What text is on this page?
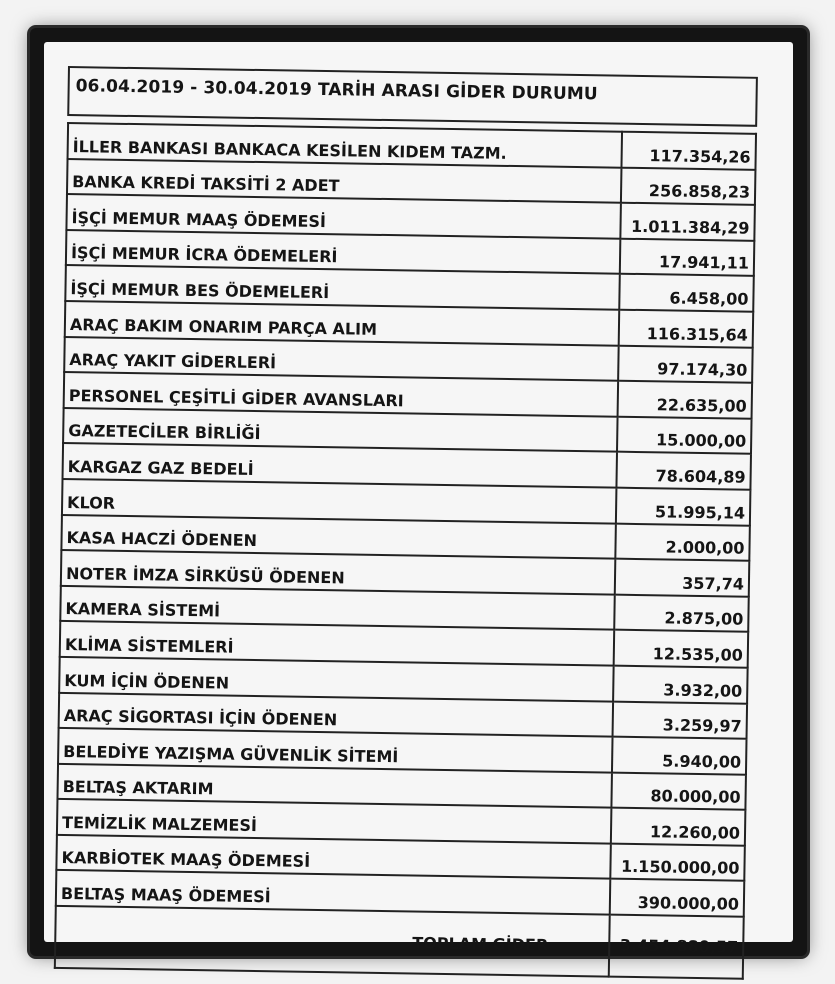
06.04.2019 - 30.04.2019 TARİH ARASI GİDER DURUMU
İLLER BANKASI BANKACA KESİLEN KIDEM TAZM.	117.354,26
BANKA KREDİ TAKSİTİ 2 ADET	256.858,23
İŞÇİ MEMUR MAAŞ ÖDEMESİ	1.011.384,29
İŞÇİ MEMUR İCRA ÖDEMELERİ	17.941,11
İŞÇİ MEMUR BES ÖDEMELERİ	6.458,00
ARAÇ BAKIM ONARIM PARÇA ALIM	116.315,64
ARAÇ YAKIT GİDERLERİ	97.174,30
PERSONEL ÇEŞİTLİ GİDER AVANSLARI	22.635,00
GAZETECİLER BİRLİĞİ	15.000,00
KARGAZ GAZ BEDELİ	78.604,89
KLOR	51.995,14
KASA HACZİ ÖDENEN	2.000,00
NOTER İMZA SİRKÜSÜ ÖDENEN	357,74
KAMERA SİSTEMİ	2.875,00
KLİMA SİSTEMLERİ	12.535,00
KUM İÇİN ÖDENEN	3.932,00
ARAÇ SİGORTASI İÇİN ÖDENEN	3.259,97
BELEDİYE YAZIŞMA GÜVENLİK SİTEMİ	5.940,00
BELTAŞ AKTARIM	80.000,00
TEMİZLİK MALZEMESİ	12.260,00
KARBİOTEK MAAŞ ÖDEMESİ	1.150.000,00
BELTAŞ MAAŞ ÖDEMESİ	390.000,00
TOPLAM GİDER	3.454.880,57
